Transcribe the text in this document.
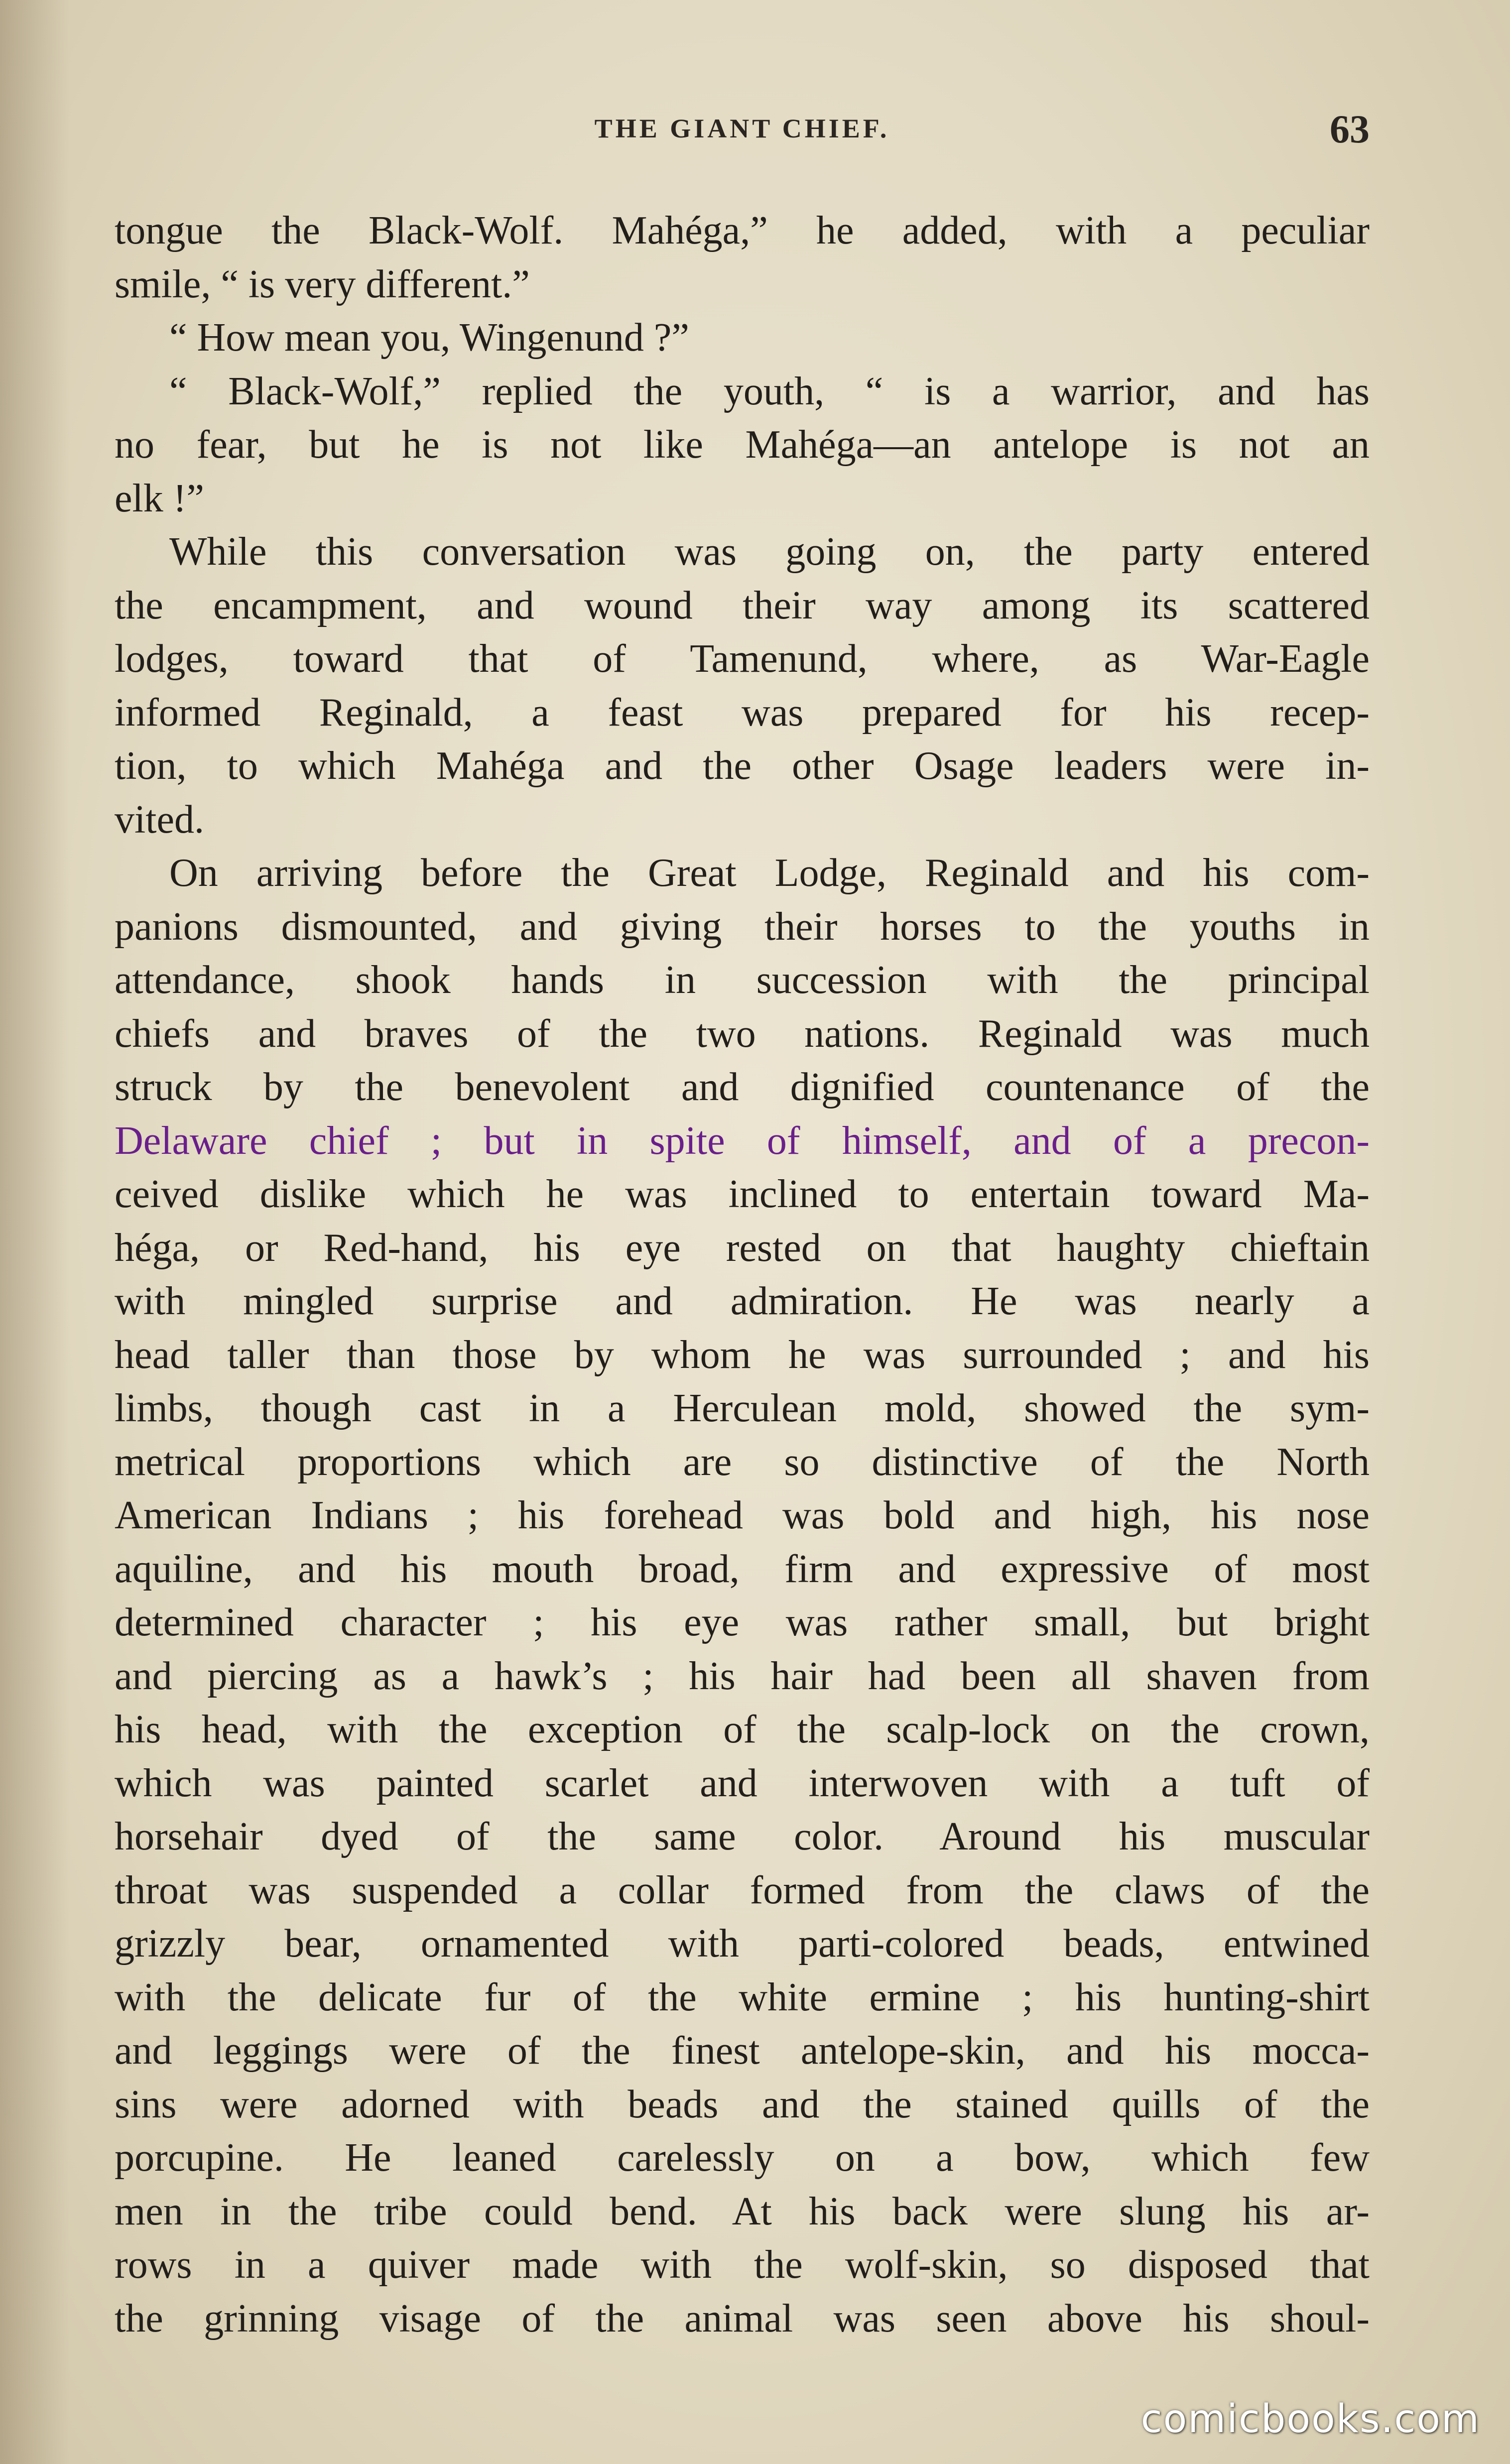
THE GIANT CHIEF.	63
tongue the Black-Wolf. Mahéga,” he added, with a peculiar
smile, “ is very different.”
“ How mean you, Wingenund ?”
“ Black-Wolf,” replied the youth, “ is a warrior, and has
no fear, but he is not like Mahéga—an antelope is not an
elk !”
While this conversation was going on, the party entered
the encampment, and wound their way among its scattered
lodges, toward that of Tamenund, where, as War-Eagle
informed Reginald, a feast was prepared for his recep-
tion, to which Mahéga and the other Osage leaders were in-
vited.
On arriving before the Great Lodge, Reginald and his com-
panions dismounted, and giving their horses to the youths in
attendance, shook hands in succession with the principal
chiefs and braves of the two nations. Reginald was much
struck by the benevolent and dignified countenance of the
Delaware chief ; but in spite of himself, and of a precon-
ceived dislike which he was inclined to entertain toward Ma-
héga, or Red-hand, his eye rested on that haughty chieftain
with mingled surprise and admiration. He was nearly a
head taller than those by whom he was surrounded ; and his
limbs, though cast in a Herculean mold, showed the sym-
metrical proportions which are so distinctive of the North
American Indians ; his forehead was bold and high, his nose
aquiline, and his mouth broad, firm and expressive of most
determined character ; his eye was rather small, but bright
and piercing as a hawk’s ; his hair had been all shaven from
his head, with the exception of the scalp-lock on the crown,
which was painted scarlet and interwoven with a tuft of
horsehair dyed of the same color. Around his muscular
throat was suspended a collar formed from the claws of the
grizzly bear, ornamented with parti-colored beads, entwined
with the delicate fur of the white ermine ; his hunting-shirt
and leggings were of the finest antelope-skin, and his mocca-
sins were adorned with beads and the stained quills of the
porcupine. He leaned carelessly on a bow, which few
men in the tribe could bend. At his back were slung his ar-
rows in a quiver made with the wolf-skin, so disposed that
the grinning visage of the animal was seen above his shoul-
comicbooks.com
